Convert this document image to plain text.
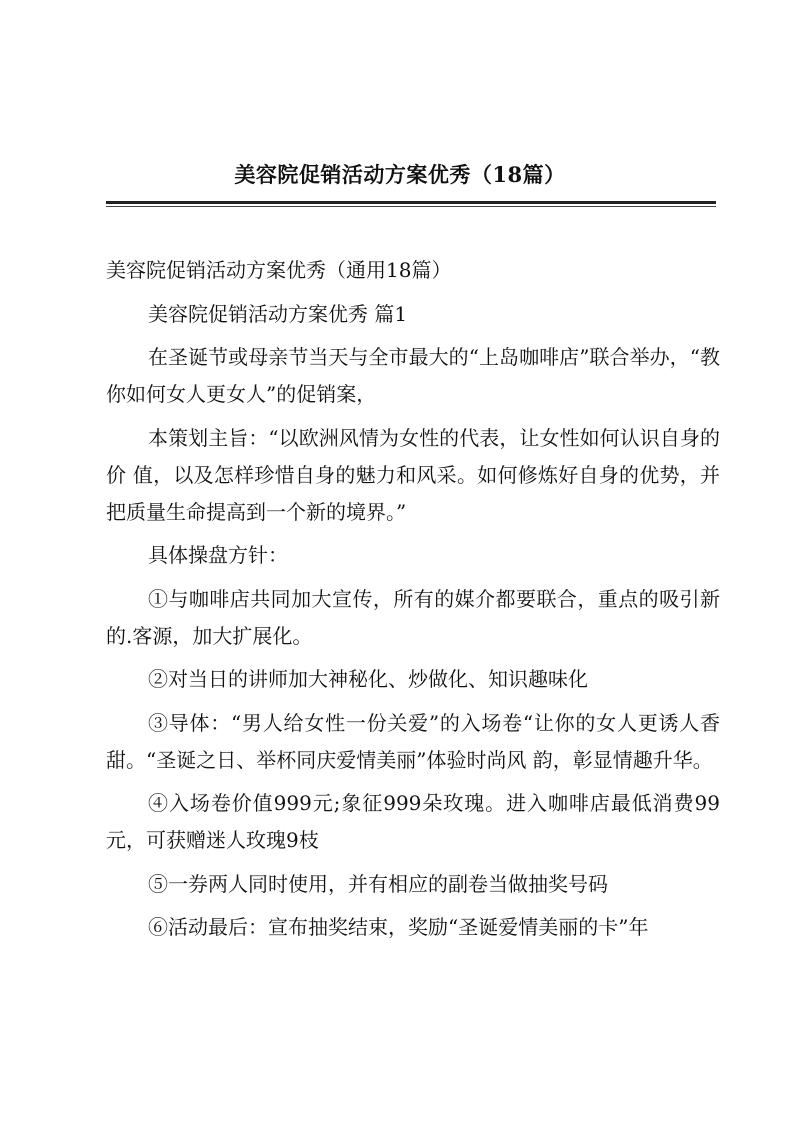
美容院促销活动方案优秀（18篇）

美容院促销活动方案优秀（通用18篇）

美容院促销活动方案优秀 篇1

在圣诞节或母亲节当天与全市最大的“上岛咖啡店”联合举办，“教你如何女人更女人”的促销案，

本策划主旨：“以欧洲风情为女性的代表，让女性如何认识自身的价 值，以及怎样珍惜自身的魅力和风采。如何修炼好自身的优势，并把质量生命提高到一个新的境界。”

具体操盘方针：

①与咖啡店共同加大宣传，所有的媒介都要联合，重点的吸引新的.客源，加大扩展化。

②对当日的讲师加大神秘化、炒做化、知识趣味化

③导体：“男人给女性一份关爱”的入场卷“让你的女人更诱人香甜。“圣诞之日、举杯同庆爱情美丽”体验时尚风 韵，彰显情趣升华。

④入场卷价值999元;象征999朵玫瑰。进入咖啡店最低消费99元，可获赠迷人玫瑰9枝

⑤一券两人同时使用，并有相应的副卷当做抽奖号码

⑥活动最后：宣布抽奖结束，奖励“圣诞爱情美丽的卡”年
